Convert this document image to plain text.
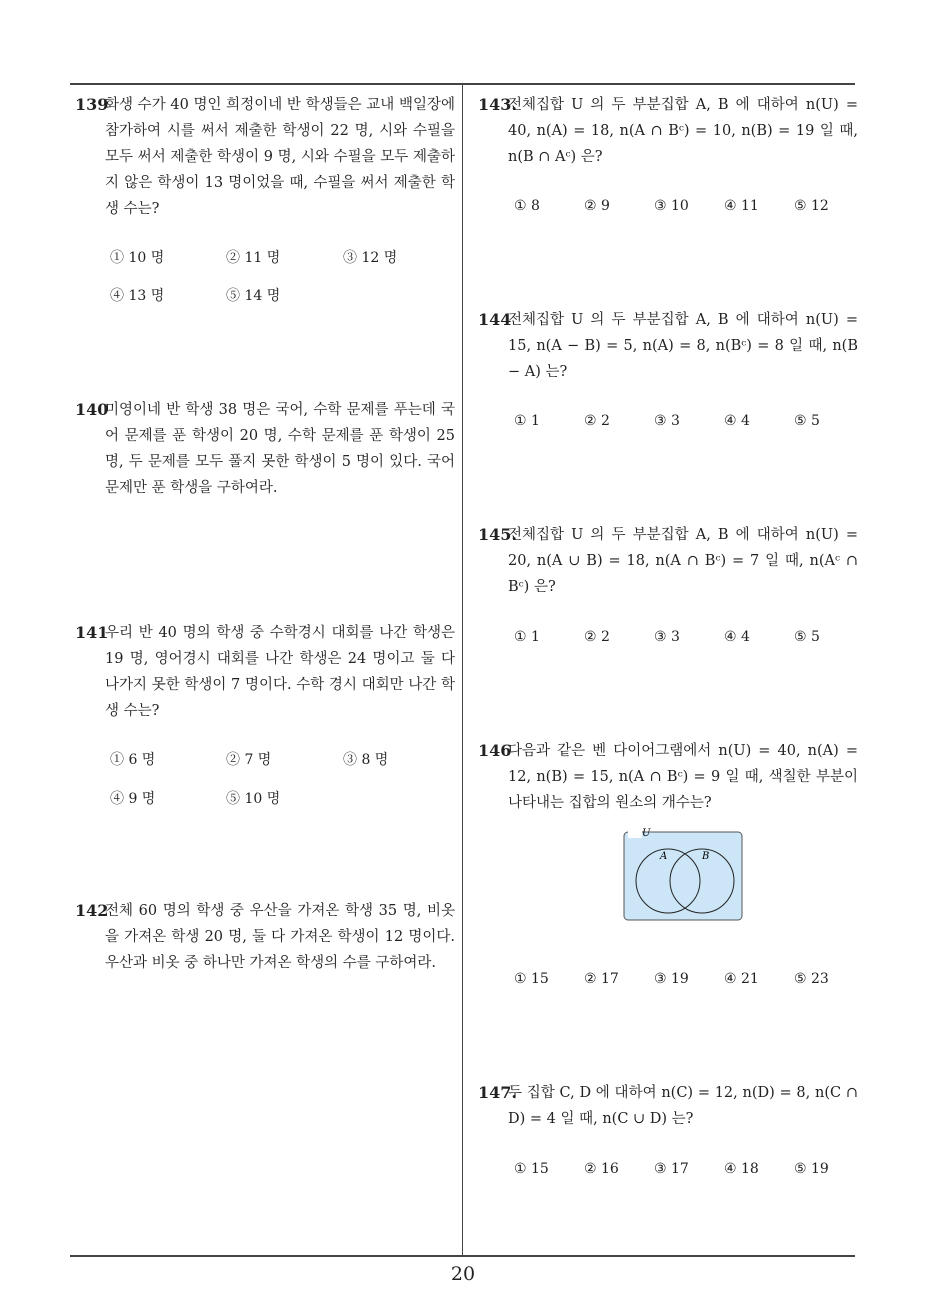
139
화생 수가 40 명인 희정이네 반 학생들은 교내 백일장에 참가하여 시를 써서 제출한 학생이 22 명, 시와 수필을 모두 써서 제출한 학생이 9 명, 시와 수필을 모두 제출하지 않은 학생이 13 명이었을 때, 수필을 써서 제출한 학생 수는?
① 10 명	② 11 명	③ 12 명
④ 13 명	⑤ 14 명
140
미영이네 반 학생 38 명은 국어, 수학 문제를 푸는데 국어 문제를 푼 학생이 20 명, 수학 문제를 푼 학생이 25 명, 두 문제를 모두 풀지 못한 학생이 5 명이 있다. 국어 문제만 푼 학생을 구하여라.
141
우리 반 40 명의 학생 중 수학경시 대회를 나간 학생은 19 명, 영어경시 대회를 나간 학생은 24 명이고 둘 다 나가지 못한 학생이 7 명이다. 수학 경시 대회만 나간 학생 수는?
① 6 명	② 7 명	③ 8 명
④ 9 명	⑤ 10 명
142
전체 60 명의 학생 중 우산을 가져온 학생 35 명, 비옷을 가져온 학생 20 명, 둘 다 가져온 학생이 12 명이다. 우산과 비옷 중 하나만 가져온 학생의 수를 구하여라.
143.
전체집합 U 의 두 부분집합 A, B 에 대하여 n(U) = 40, n(A) = 18, n(A ∩ Bᶜ) = 10, n(B) = 19 일 때, n(B ∩ Aᶜ) 은?
① 8	② 9	③ 10	④ 11	⑤ 12
144
전체집합 U 의 두 부분집합 A, B 에 대하여 n(U) = 15, n(A − B) = 5, n(A) = 8, n(Bᶜ) = 8 일 때, n(B − A) 는?
① 1	② 2	③ 3	④ 4	⑤ 5
145.
전체집합 U 의 두 부분집합 A, B 에 대하여 n(U) = 20, n(A ∪ B) = 18, n(A ∩ Bᶜ) = 7 일 때, n(Aᶜ ∩ Bᶜ) 은?
① 1	② 2	③ 3	④ 4	⑤ 5
146
다음과 같은 벤 다이어그램에서 n(U) = 40, n(A) = 12, n(B) = 15, n(A ∩ Bᶜ) = 9 일 때, 색칠한 부분이 나타내는 집합의 원소의 개수는?
U
A	B
① 15	② 17	③ 19	④ 21	⑤ 23
147.
두 집합 C, D 에 대하여 n(C) = 12, n(D) = 8, n(C ∩ D) = 4 일 때, n(C ∪ D) 는?
① 15	② 16	③ 17	④ 18	⑤ 19
20
